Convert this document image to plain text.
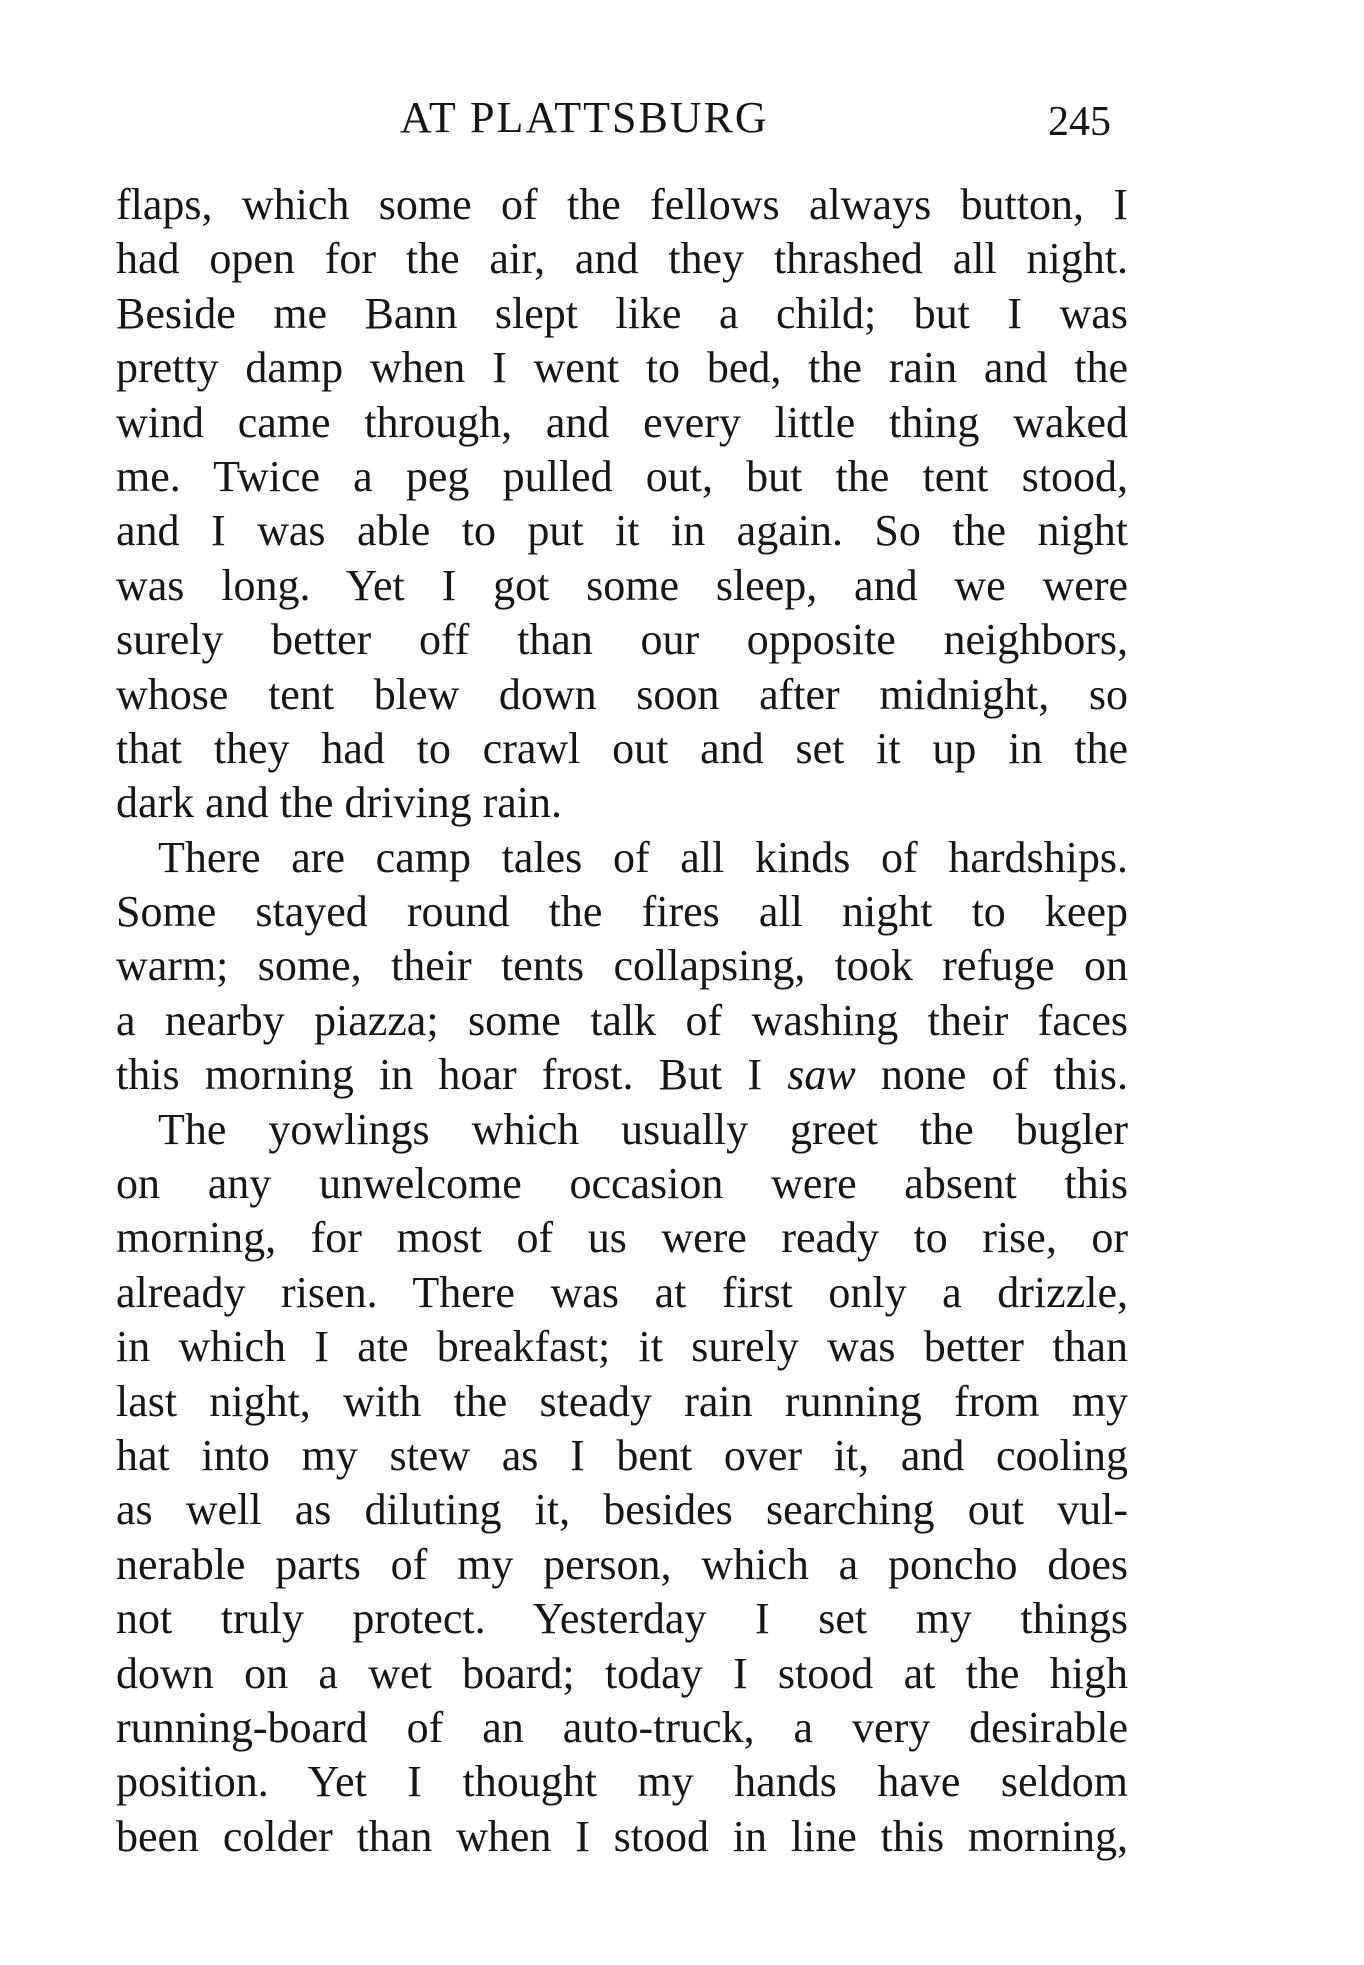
AT PLATTSBURG	245
flaps, which some of the fellows always button, I
had open for the air, and they thrashed all night.
Beside me Bann slept like a child; but I was
pretty damp when I went to bed, the rain and the
wind came through, and every little thing waked
me. Twice a peg pulled out, but the tent stood,
and I was able to put it in again. So the night
was long. Yet I got some sleep, and we were
surely better off than our opposite neighbors,
whose tent blew down soon after midnight, so
that they had to crawl out and set it up in the
dark and the driving rain.
There are camp tales of all kinds of hardships.
Some stayed round the fires all night to keep
warm; some, their tents collapsing, took refuge on
a nearby piazza; some talk of washing their faces
this morning in hoar frost. But I saw none of this.
The yowlings which usually greet the bugler
on any unwelcome occasion were absent this
morning, for most of us were ready to rise, or
already risen. There was at first only a drizzle,
in which I ate breakfast; it surely was better than
last night, with the steady rain running from my
hat into my stew as I bent over it, and cooling
as well as diluting it, besides searching out vul-
nerable parts of my person, which a poncho does
not truly protect. Yesterday I set my things
down on a wet board; today I stood at the high
running-board of an auto-truck, a very desirable
position. Yet I thought my hands have seldom
been colder than when I stood in line this morning,
